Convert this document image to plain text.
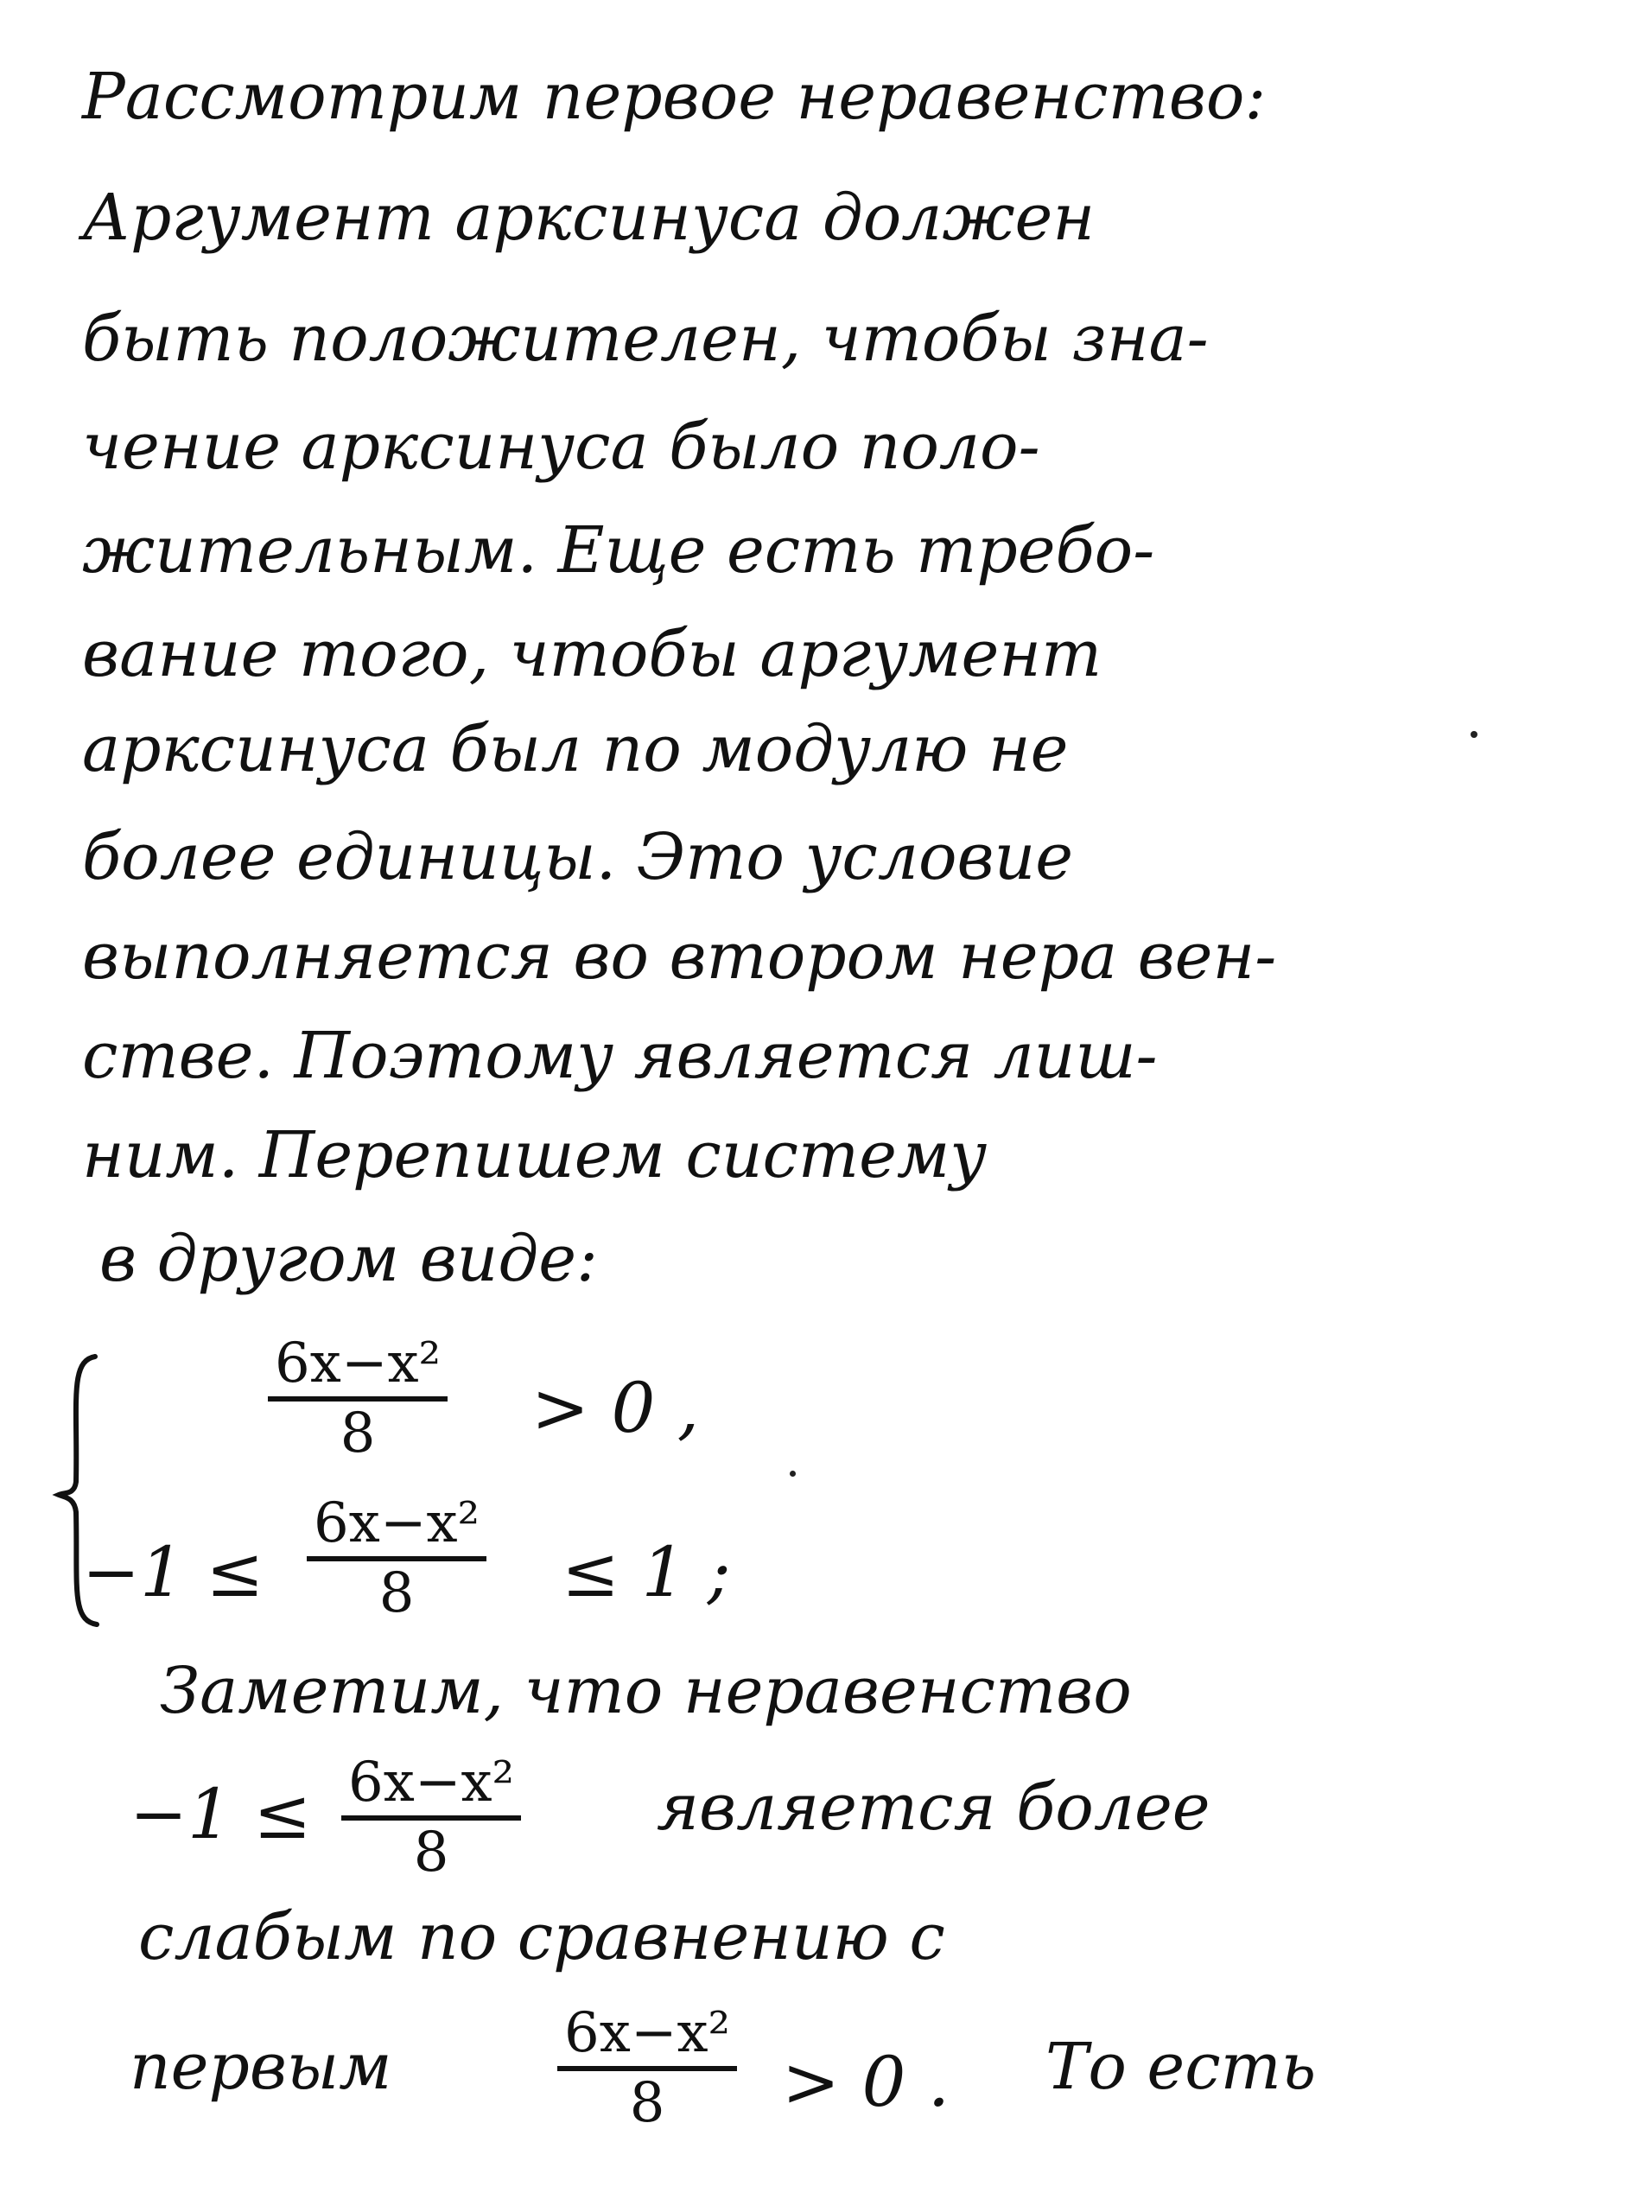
Рассмотрим первое неравенство:
Аргумент арксинуса должен
быть положителен, чтобы зна-
чение арксинуса было поло-
жительным. Еще есть требо-
вание того, чтобы аргумент
арксинуса был по модулю не
более единицы. Это условие
выполняется во втором нера вен-
стве. Поэтому является лиш-
ним. Перепишем систему
в другом виде:
6x−x²
8	> 0 ,
−1 ≤
6x−x²
8	≤ 1 ;
Заметим, что неравенство
−1 ≤ 6x−x²
8
является более
слабым по сравнению с
первым	6x−x²
8	> 0 . То есть
